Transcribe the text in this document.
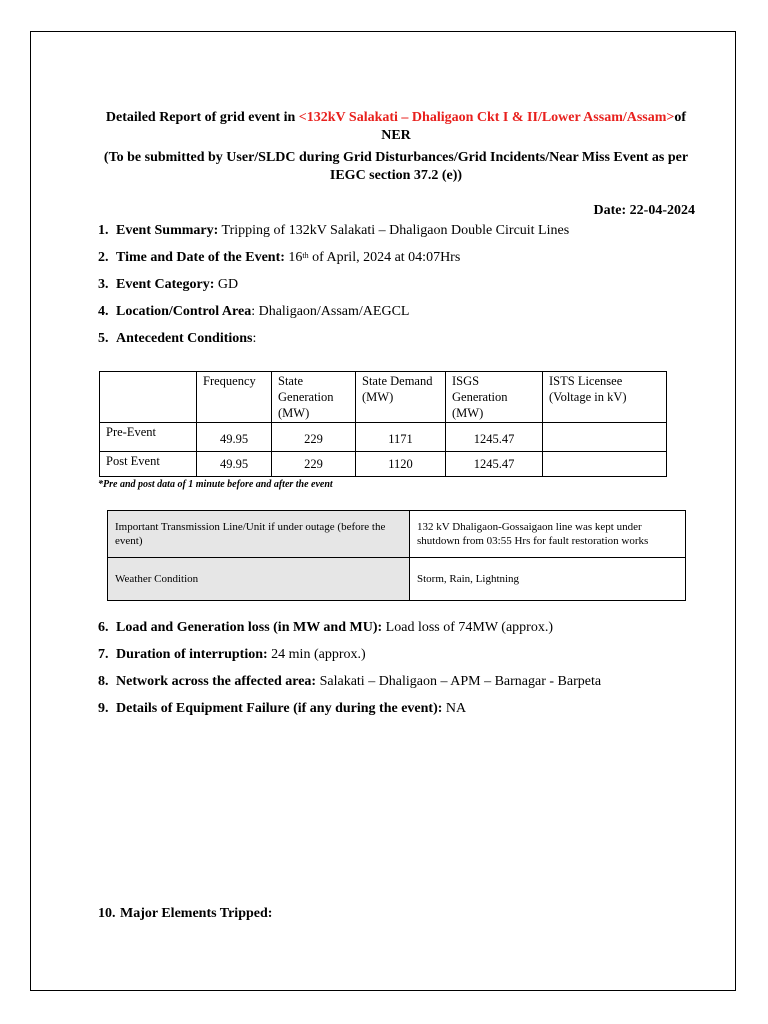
Detailed Report of grid event in <132kV Salakati – Dhaligaon Ckt I & II/Lower Assam/Assam>of NER
(To be submitted by User/SLDC during Grid Disturbances/Grid Incidents/Near Miss Event as per IEGC section 37.2 (e))
Date: 22-04-2024
1. Event Summary: Tripping of 132kV Salakati – Dhaligaon Double Circuit Lines
2. Time and Date of the Event: 16th of April, 2024 at 04:07Hrs
3. Event Category: GD
4. Location/Control Area: Dhaligaon/Assam/AEGCL
5. Antecedent Conditions:
	Frequency	State Generation (MW)	State Demand (MW)	ISGS Generation (MW)	ISTS Licensee (Voltage in kV)
Pre-Event	49.95	229	1171	1245.47	
Post Event	49.95	229	1120	1245.47	
*Pre and post data of 1 minute before and after the event
Important Transmission Line/Unit if under outage (before the event)	132 kV Dhaligaon-Gossaigaon line was kept under shutdown from 03:55 Hrs for fault restoration works
Weather Condition	Storm, Rain, Lightning
6. Load and Generation loss (in MW and MU): Load loss of 74MW (approx.)
7. Duration of interruption: 24 min (approx.)
8. Network across the affected area: Salakati – Dhaligaon – APM – Barnagar - Barpeta
9. Details of Equipment Failure (if any during the event): NA
10. Major Elements Tripped:
